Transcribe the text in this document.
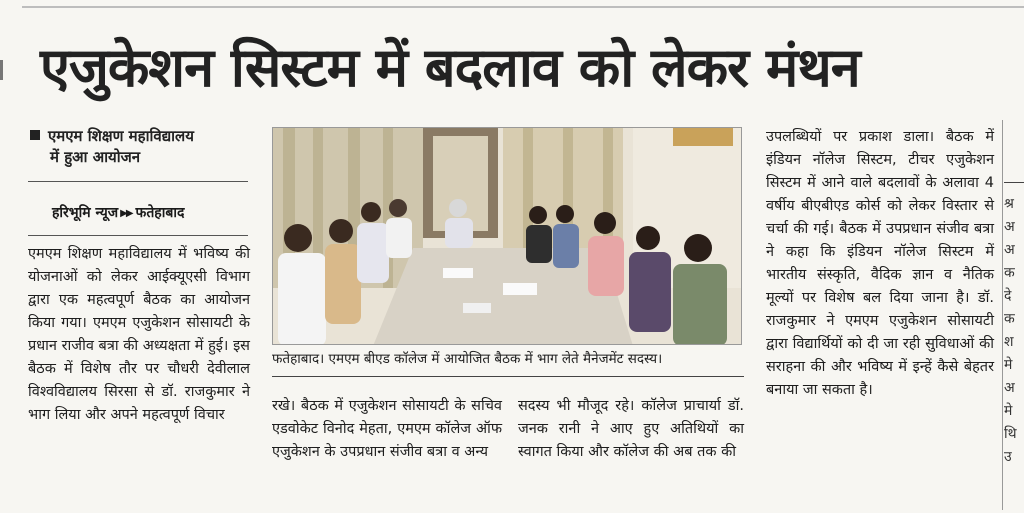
एजुकेशन सिस्टम में बदलाव को लेकर मंथन
एमएम शिक्षण महाविद्यालय
में हुआ आयोजन
हरिभूमि न्यूज ▶▶ फतेहाबाद

एमएम शिक्षण महाविद्यालय में भविष्य की योजनाओं को लेकर आईक्यूएसी विभाग द्वारा एक महत्वपूर्ण बैठक का आयोजन किया गया। एमएम एजुकेशन सोसायटी के प्रधान राजीव बत्रा की अध्यक्षता में हुई। इस बैठक में विशेष तौर पर चौधरी देवीलाल विश्वविद्यालय सिरसा से डॉ. राजकुमार ने भाग लिया और अपने महत्वपूर्ण विचार

फतेहाबाद। एमएम बीएड कॉलेज में आयोजित बैठक में भाग लेते मैनेजमेंट सदस्य।

रखे। बैठक में एजुकेशन सोसायटी के सचिव एडवोकेट विनोद मेहता, एमएम कॉलेज ऑफ एजुकेशन के उपप्रधान संजीव बत्रा व अन्य

सदस्य भी मौजूद रहे। कॉलेज प्राचार्या डॉ. जनक रानी ने आए हुए अतिथियों का स्वागत किया और कॉलेज की अब तक की

उपलब्धियों पर प्रकाश डाला। बैठक में इंडियन नॉलेज सिस्टम, टीचर एजुकेशन सिस्टम में आने वाले बदलावों के अलावा 4 वर्षीय बीएबीएड कोर्स को लेकर विस्तार से चर्चा की गई। बैठक में उपप्रधान संजीव बत्रा ने कहा कि इंडियन नॉलेज सिस्टम में भारतीय संस्कृति, वैदिक ज्ञान व नैतिक मूल्यों पर विशेष बल दिया जाना है। डॉ. राजकुमार ने एमएम एजुकेशन सोसायटी द्वारा विद्यार्थियों को दी जा रही सुविधाओं की सराहना की और भविष्य में इन्हें कैसे बेहतर बनाया जा सकता है।

श्र
अ
अ
क
दे
क
श
मे
अ
मे
थि
उ
